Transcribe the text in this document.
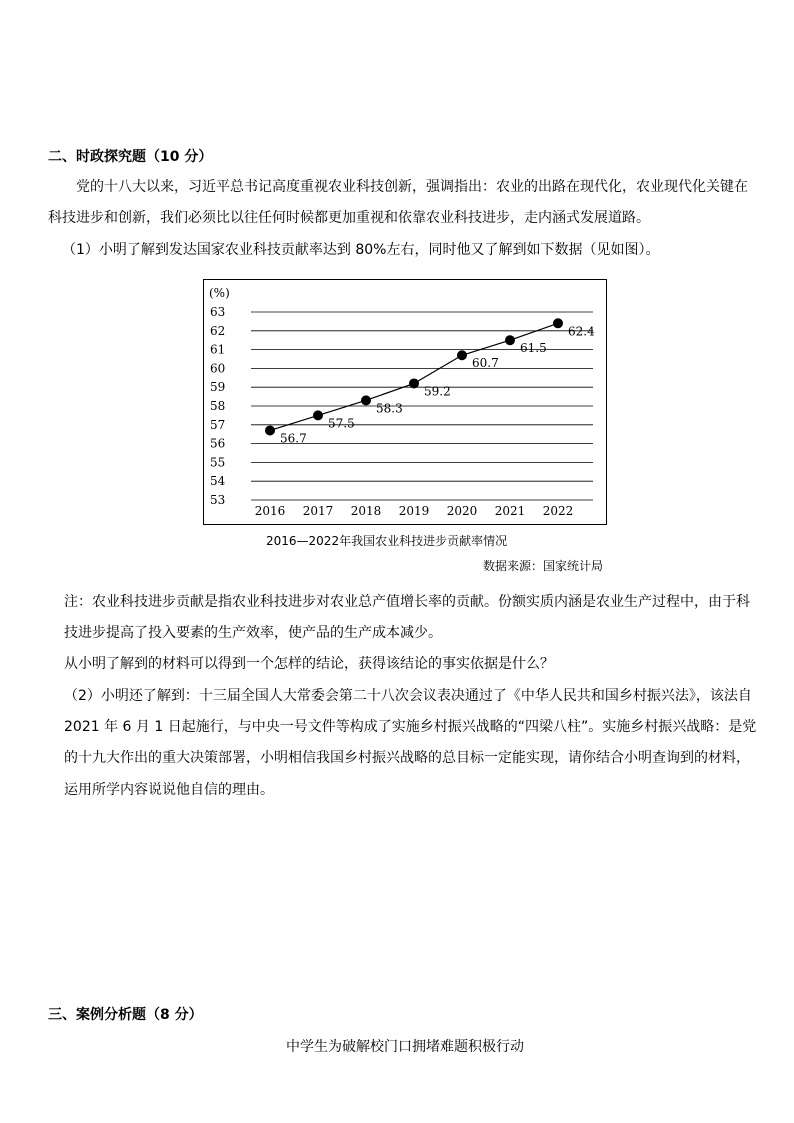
二、时政探究题（10 分）
党的十八大以来，习近平总书记高度重视农业科技创新，强调指出：农业的出路在现代化，农业现代化关键在
科技进步和创新，我们必须比以往任何时候都更加重视和依靠农业科技进步，走内涵式发展道路。
（1）小明了解到发达国家农业科技贡献率达到 80%左右，同时他又了解到如下数据（见如图）。
53
54
55
56
57
58
59
60
61
62
63
2016 2017 2018 2019 2020 2021 2022
56.7
57.5
58.3
59.2
60.7
61.5
62.4
(%)
2016—2022年我国农业科技进步贡献率情况
数据来源：国家统计局
注：农业科技进步贡献是指农业科技进步对农业总产值增长率的贡献。份额实质内涵是农业生产过程中，由于科
技进步提高了投入要素的生产效率，使产品的生产成本减少。
从小明了解到的材料可以得到一个怎样的结论，获得该结论的事实依据是什么？
（2）小明还了解到：十三届全国人大常委会第二十八次会议表决通过了《中华人民共和国乡村振兴法》，该法自
2021 年 6 月 1 日起施行，与中央一号文件等构成了实施乡村振兴战略的“四梁八柱”。实施乡村振兴战略：是党
的十九大作出的重大决策部署，小明相信我国乡村振兴战略的总目标一定能实现，请你结合小明查询到的材料，
运用所学内容说说他自信的理由。
三、案例分析题（8 分）
中学生为破解校门口拥堵难题积极行动
